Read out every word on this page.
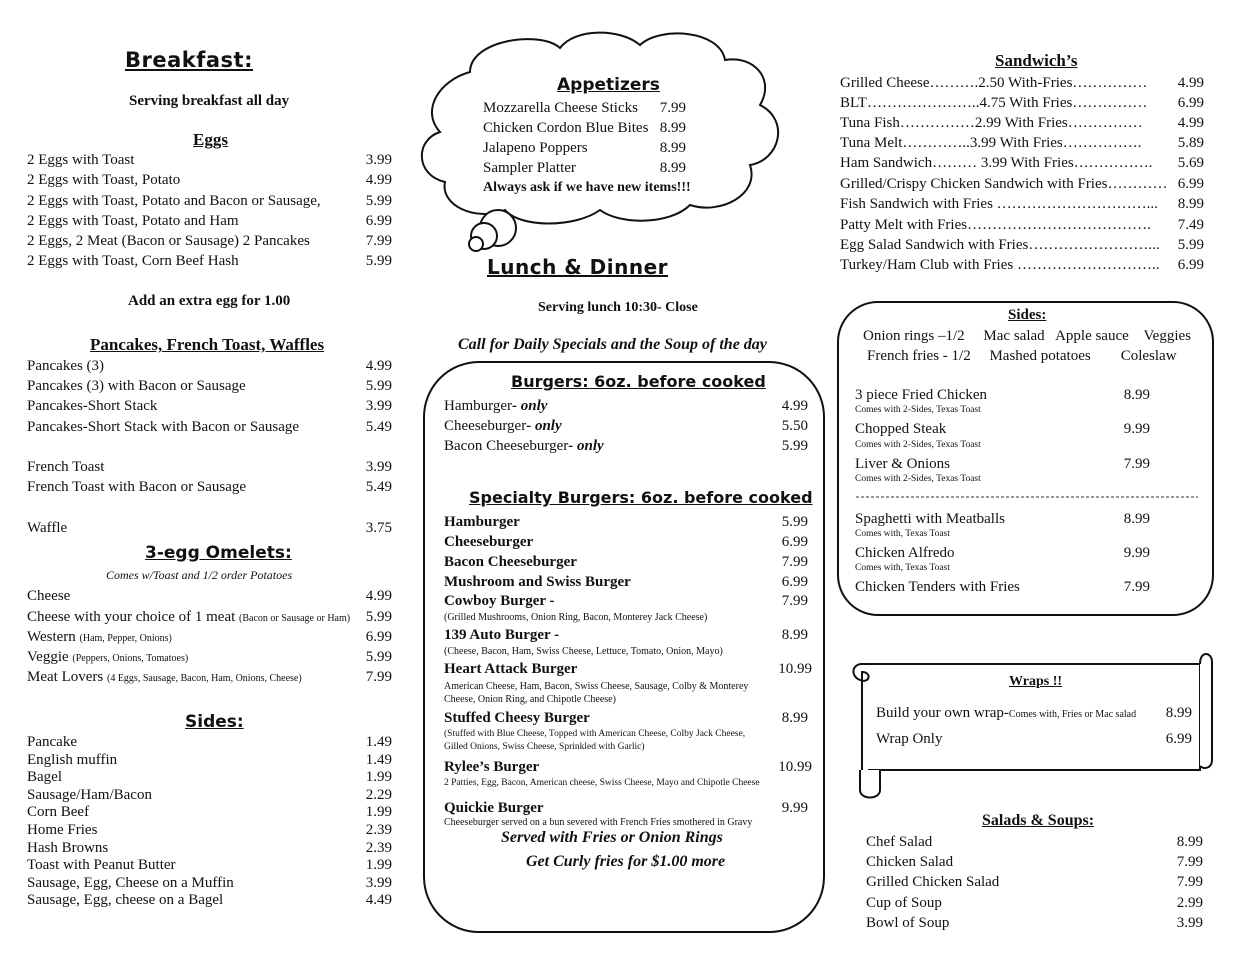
Breakfast:
Serving breakfast all day
Eggs
2 Eggs with Toast	3.99
2 Eggs with Toast, Potato	4.99
2 Eggs with Toast, Potato and Bacon or Sausage,	5.99
2 Eggs with Toast, Potato and Ham	6.99
2 Eggs, 2 Meat (Bacon or Sausage) 2 Pancakes	7.99
2 Eggs with Toast, Corn Beef Hash	5.99
Add an extra egg for 1.00
Pancakes, French Toast, Waffles
Pancakes (3)	4.99
Pancakes (3) with Bacon or Sausage	5.99
Pancakes-Short Stack	3.99
Pancakes-Short Stack with Bacon or Sausage	5.49
French Toast	3.99
French Toast with Bacon or Sausage	5.49
Waffle	3.75
3-egg Omelets:
Comes w/Toast and 1/2 order Potatoes
Cheese	4.99
Cheese with your choice of 1 meat (Bacon or Sausage or Ham) 5.99
Western (Ham, Pepper, Onions)	6.99
Veggie (Peppers, Onions, Tomatoes)	5.99
Meat Lovers (4 Eggs, Sausage, Bacon, Ham, Onions, Cheese)	7.99
Sides:
Pancake	1.49
English muffin	1.49
Bagel	1.99
Sausage/Ham/Bacon	2.29
Corn Beef	1.99
Home Fries	2.39
Hash Browns	2.39
Toast with Peanut Butter	1.99
Sausage, Egg, Cheese on a Muffin	3.99
Sausage, Egg, cheese on a Bagel	4.49
Appetizers
Mozzarella Cheese Sticks 7.99
Chicken Cordon Blue Bites 8.99
Jalapeno Poppers	8.99
Sampler Platter	8.99
Always ask if we have new items!!!
Lunch & Dinner
Serving lunch 10:30- Close
Call for Daily Specials and the Soup of the day
Burgers: 6oz. before cooked
Hamburger- only	4.99
Cheeseburger- only	5.50
Bacon Cheeseburger- only	5.99
Specialty Burgers: 6oz. before cooked
Hamburger	5.99
Cheeseburger	6.99
Bacon Cheeseburger	7.99
Mushroom and Swiss Burger	6.99
Cowboy Burger -	7.99
(Grilled Mushrooms, Onion Ring, Bacon, Monterey Jack Cheese)
139 Auto Burger -	8.99
(Cheese, Bacon, Ham, Swiss Cheese, Lettuce, Tomato, Onion, Mayo)
Heart Attack Burger	10.99
American Cheese, Ham, Bacon, Swiss Cheese, Sausage, Colby & Monterey
Cheese, Onion Ring, and Chipotle Cheese)
Stuffed Cheesy Burger	8.99
(Stuffed with Blue Cheese, Topped with American Cheese, Colby Jack Cheese,
Gilled Onions, Swiss Cheese, Sprinkled with Garlic)
Rylee’s Burger	10.99
2 Patties, Egg, Bacon, American cheese, Swiss Cheese, Mayo and Chipotle Cheese
Quickie Burger	9.99
Cheeseburger served on a bun severed with French Fries smothered in Gravy
Served with Fries or Onion Rings
Get Curly fries for $1.00 more
Sandwich’s
Grilled Cheese……….2.50 With-Fries…………… 4.99
BLT…………………..4.75 With Fries…………… 6.99
Tuna Fish……………2.99 With Fries…………… 4.99
Tuna Melt…………..3.99 With Fries……………. 5.89
Ham Sandwich……… 3.99 With Fries……………. 5.69
Grilled/Crispy Chicken Sandwich with Fries………… 6.99
Fish Sandwich with Fries …………………………... 8.99
Patty Melt with Fries………………………………. 7.49
Egg Salad Sandwich with Fries……………………... 5.99
Turkey/Ham Club with Fries ……………………….. 6.99
Sides:
Onion rings –1/2     Mac salad   Apple sauce    Veggies
French fries - 1/2     Mashed potatoes        Coleslaw
3 piece Fried Chicken	8.99
Comes with 2-Sides, Texas Toast
Chopped Steak	9.99
Comes with 2-Sides, Texas Toast
Liver & Onions	7.99
Comes with 2-Sides, Texas Toast
Spaghetti with Meatballs	8.99
Comes with, Texas Toast
Chicken Alfredo	9.99
Comes with, Texas Toast
Chicken Tenders with Fries	7.99
Wraps !!
Build your own wrap-Comes with, Fries or Mac salad 8.99
Wrap Only	6.99
Salads & Soups:
Chef Salad	8.99
Chicken Salad	7.99
Grilled Chicken Salad	7.99
Cup of Soup	2.99
Bowl of Soup	3.99
